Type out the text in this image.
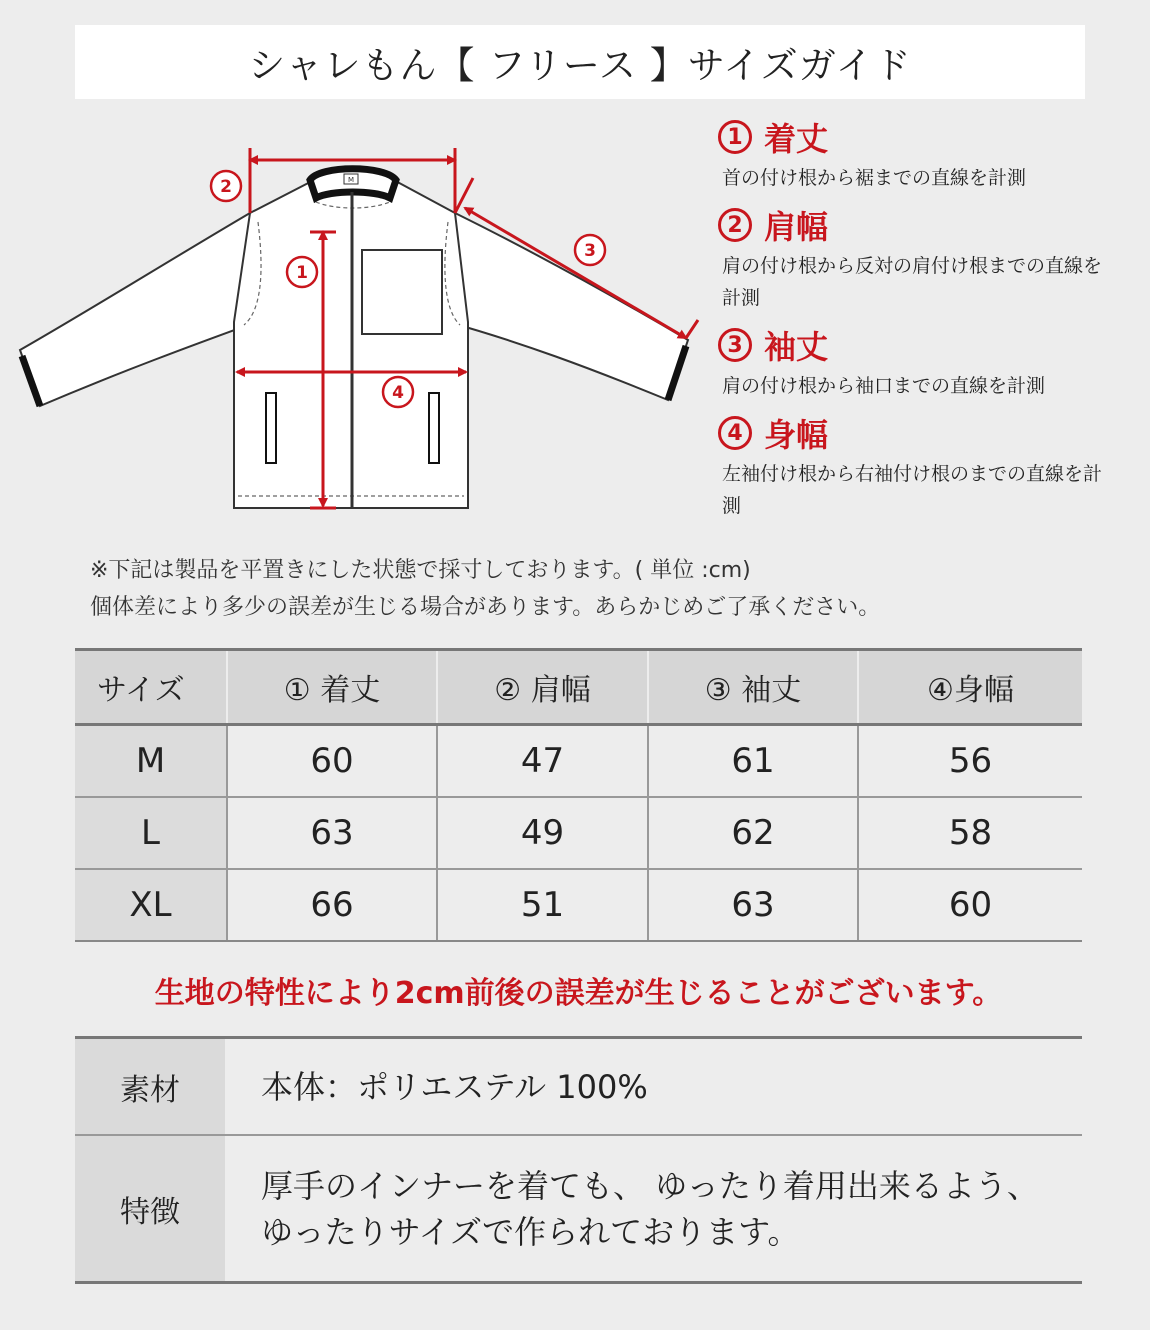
シャレもん【 フリース 】サイズガイド
M
2
1
3
4
1 着丈
首の付け根から裾までの直線を計測
2 肩幅
肩の付け根から反対の肩付け根までの直線を計測
3 袖丈
肩の付け根から袖口までの直線を計測
4 身幅
左袖付け根から右袖付け根のまでの直線を計測
※下記は製品を平置きにした状態で採寸しております。( 単位 :cm)
個体差により多少の誤差が生じる場合があります。あらかじめご了承ください。
サイズ	① 着丈	② 肩幅	③ 袖丈	④身幅
M	60	47	61	56
L	63	49	62	58
XL	66	51	63	60
生地の特性により2cm前後の誤差が生じることがございます。
素材	本体：ポリエステル 100%
特徴	厚手のインナーを着ても、 ゆったり着用出来るよう、
ゆったりサイズで作られております。
